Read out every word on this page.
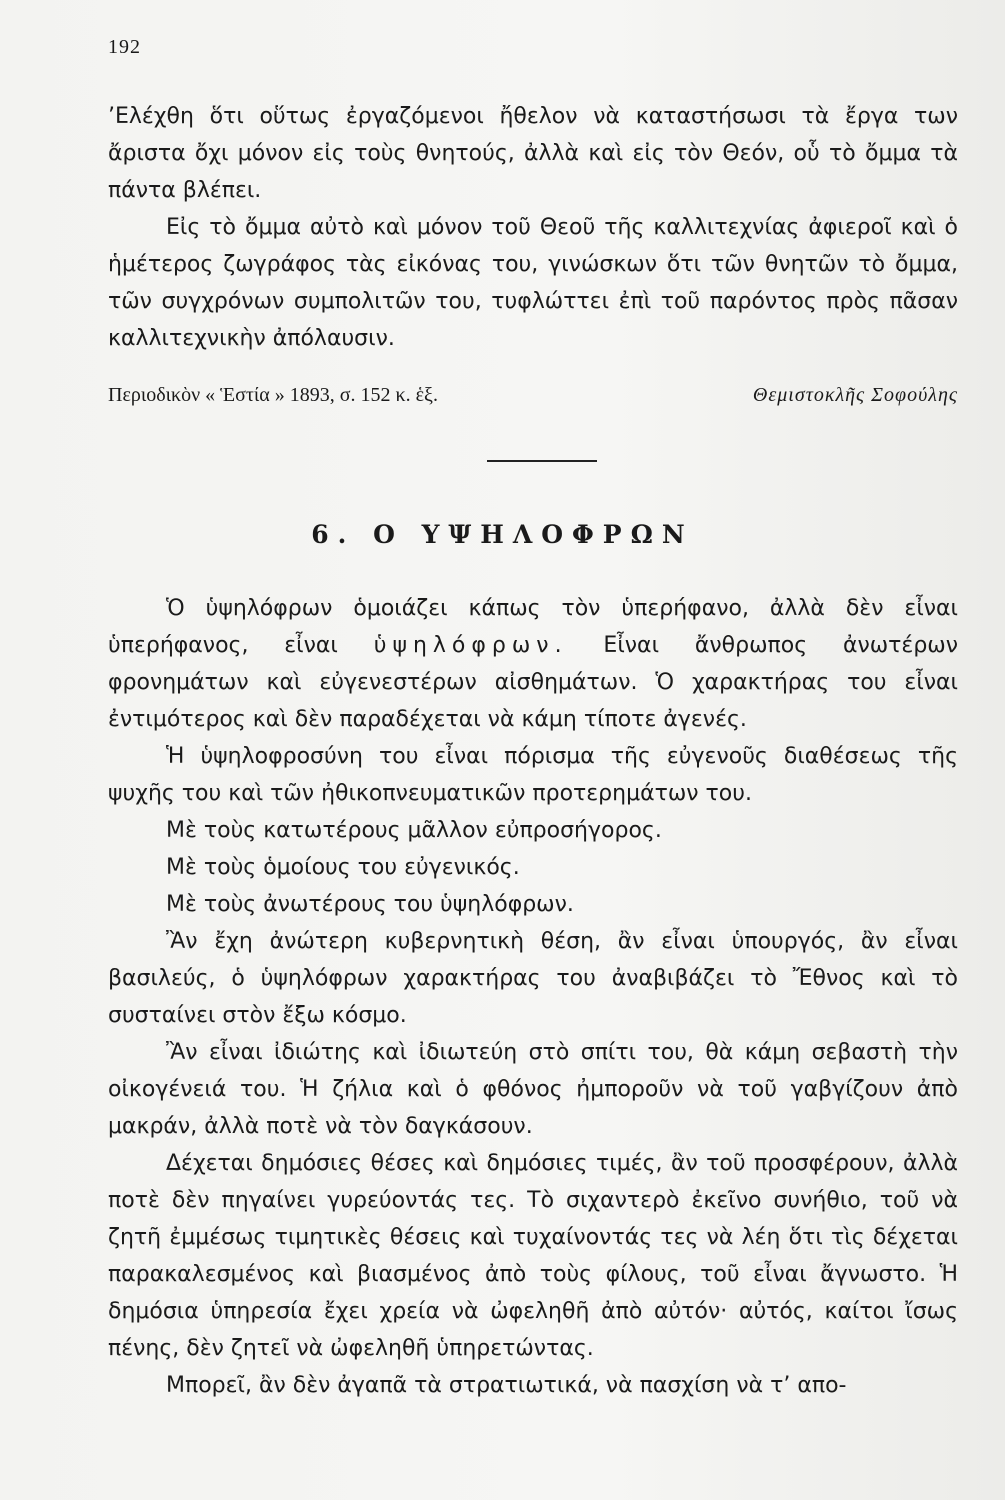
192

’Ελέχθη ὅτι οὕτως ἐργαζόμενοι ἤθελον νὰ καταστήσωσι τὰ ἔργα των ἄριστα ὄχι μόνον εἰς τοὺς θνητούς, ἀλλὰ καὶ εἰς τὸν Θεόν, οὗ τὸ ὄμμα τὰ πάντα βλέπει.

Εἰς τὸ ὄμμα αὐτὸ καὶ μόνον τοῦ Θεοῦ τῆς καλλιτεχνίας ἀφιεροῖ καὶ ὁ ἡμέτερος ζωγράφος τὰς εἰκόνας του, γινώσκων ὅτι τῶν θνητῶν τὸ ὄμμα, τῶν συγχρόνων συμπολιτῶν του, τυφλώττει ἐπὶ τοῦ παρόντος πρὸς πᾶσαν καλλιτεχνικὴν ἀπόλαυσιν.

Περιοδικὸν « Ἑστία » 1893, σ. 152 κ. ἑξ.	Θεμιστοκλῆς Σοφούλης
6. Ο ΥΨΗΛΟΦΡΩΝ

Ὁ ὑψηλόφρων ὁμοιάζει κάπως τὸν ὑπερήφανο, ἀλλὰ δὲν εἶναι ὑπερήφανος, εἶναι ὑψηλόφρων. Εἶναι ἄνθρωπος ἀνωτέρων φρονημάτων καὶ εὐγενεστέρων αἰσθημάτων. Ὁ χαρακτήρας του εἶναι ἐντιμότερος καὶ δὲν παραδέχεται νὰ κάμη τίποτε ἀγενές.

Ἡ ὑψηλοφροσύνη του εἶναι πόρισμα τῆς εὐγενοῦς διαθέσεως τῆς ψυχῆς του καὶ τῶν ἠθικοπνευματικῶν προτερημάτων του.

Μὲ τοὺς κατωτέρους μᾶλλον εὐπροσήγορος.

Μὲ τοὺς ὁμοίους του εὐγενικός.

Μὲ τοὺς ἀνωτέρους του ὑψηλόφρων.

Ἂν ἔχη ἀνώτερη κυβερνητικὴ θέση, ἂν εἶναι ὑπουργός, ἂν εἶναι βασιλεύς, ὁ ὑψηλόφρων χαρακτήρας του ἀναβιβάζει τὸ Ἔθνος καὶ τὸ συσταίνει στὸν ἔξω κόσμο.

Ἂν εἶναι ἰδιώτης καὶ ἰδιωτεύη στὸ σπίτι του, θὰ κάμη σεβαστὴ τὴν οἰκογένειά του. Ἡ ζήλια καὶ ὁ φθόνος ἠμποροῦν νὰ τοῦ γαβγίζουν ἀπὸ μακράν, ἀλλὰ ποτὲ νὰ τὸν δαγκάσουν.

Δέχεται δημόσιες θέσες καὶ δημόσιες τιμές, ἂν τοῦ προσφέρουν, ἀλλὰ ποτὲ δὲν πηγαίνει γυρεύοντάς τες. Τὸ σιχαντερὸ ἐκεῖνο συνήθιο, τοῦ νὰ ζητῆ ἐμμέσως τιμητικὲς θέσεις καὶ τυχαίνοντάς τες νὰ λέη ὅτι τὶς δέχεται παρακαλεσμένος καὶ βιασμένος ἀπὸ τοὺς φίλους, τοῦ εἶναι ἄγνωστο. Ἡ δημόσια ὑπηρεσία ἔχει χρεία νὰ ὠφεληθῆ ἀπὸ αὐτόν· αὐτός, καίτοι ἴσως πένης, δὲν ζητεῖ νὰ ὠφεληθῆ ὑπηρετώντας.

Μπορεῖ, ἂν δὲν ἀγαπᾶ τὰ στρατιωτικά, νὰ πασχίση νὰ τ’ απο-
